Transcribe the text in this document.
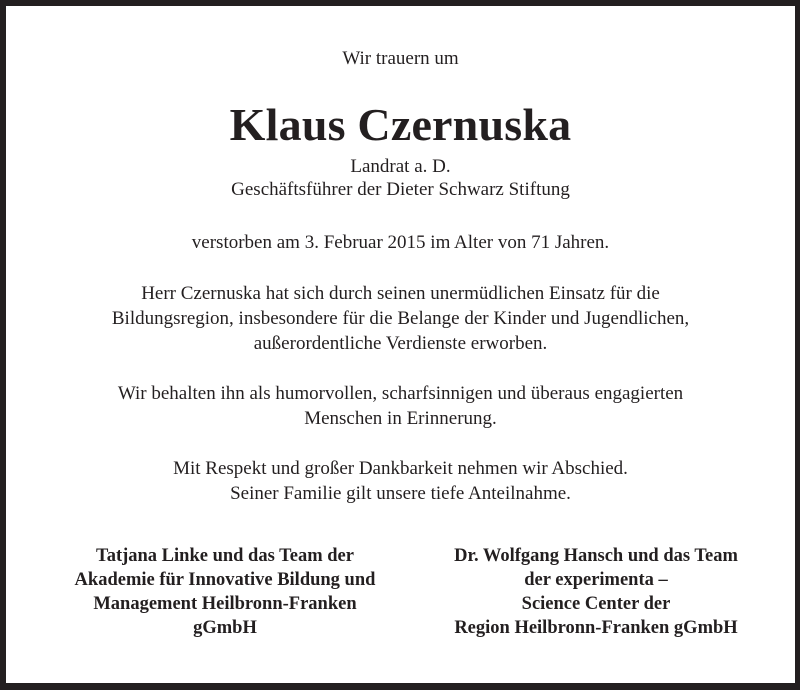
Wir trauern um
Klaus Czernuska
Landrat a. D.
Geschäftsführer der Dieter Schwarz Stiftung
verstorben am 3. Februar 2015 im Alter von 71 Jahren.
Herr Czernuska hat sich durch seinen unermüdlichen Einsatz für die
Bildungsregion, insbesondere für die Belange der Kinder und Jugendlichen,
außerordentliche Verdienste erworben.
Wir behalten ihn als humorvollen, scharfsinnigen und überaus engagierten
Menschen in Erinnerung.
Mit Respekt und großer Dankbarkeit nehmen wir Abschied.
Seiner Familie gilt unsere tiefe Anteilnahme.
Tatjana Linke und das Team der
Akademie für Innovative Bildung und
Management Heilbronn-Franken
gGmbH
Dr. Wolfgang Hansch und das Team
der experimenta –
Science Center der
Region Heilbronn-Franken gGmbH
